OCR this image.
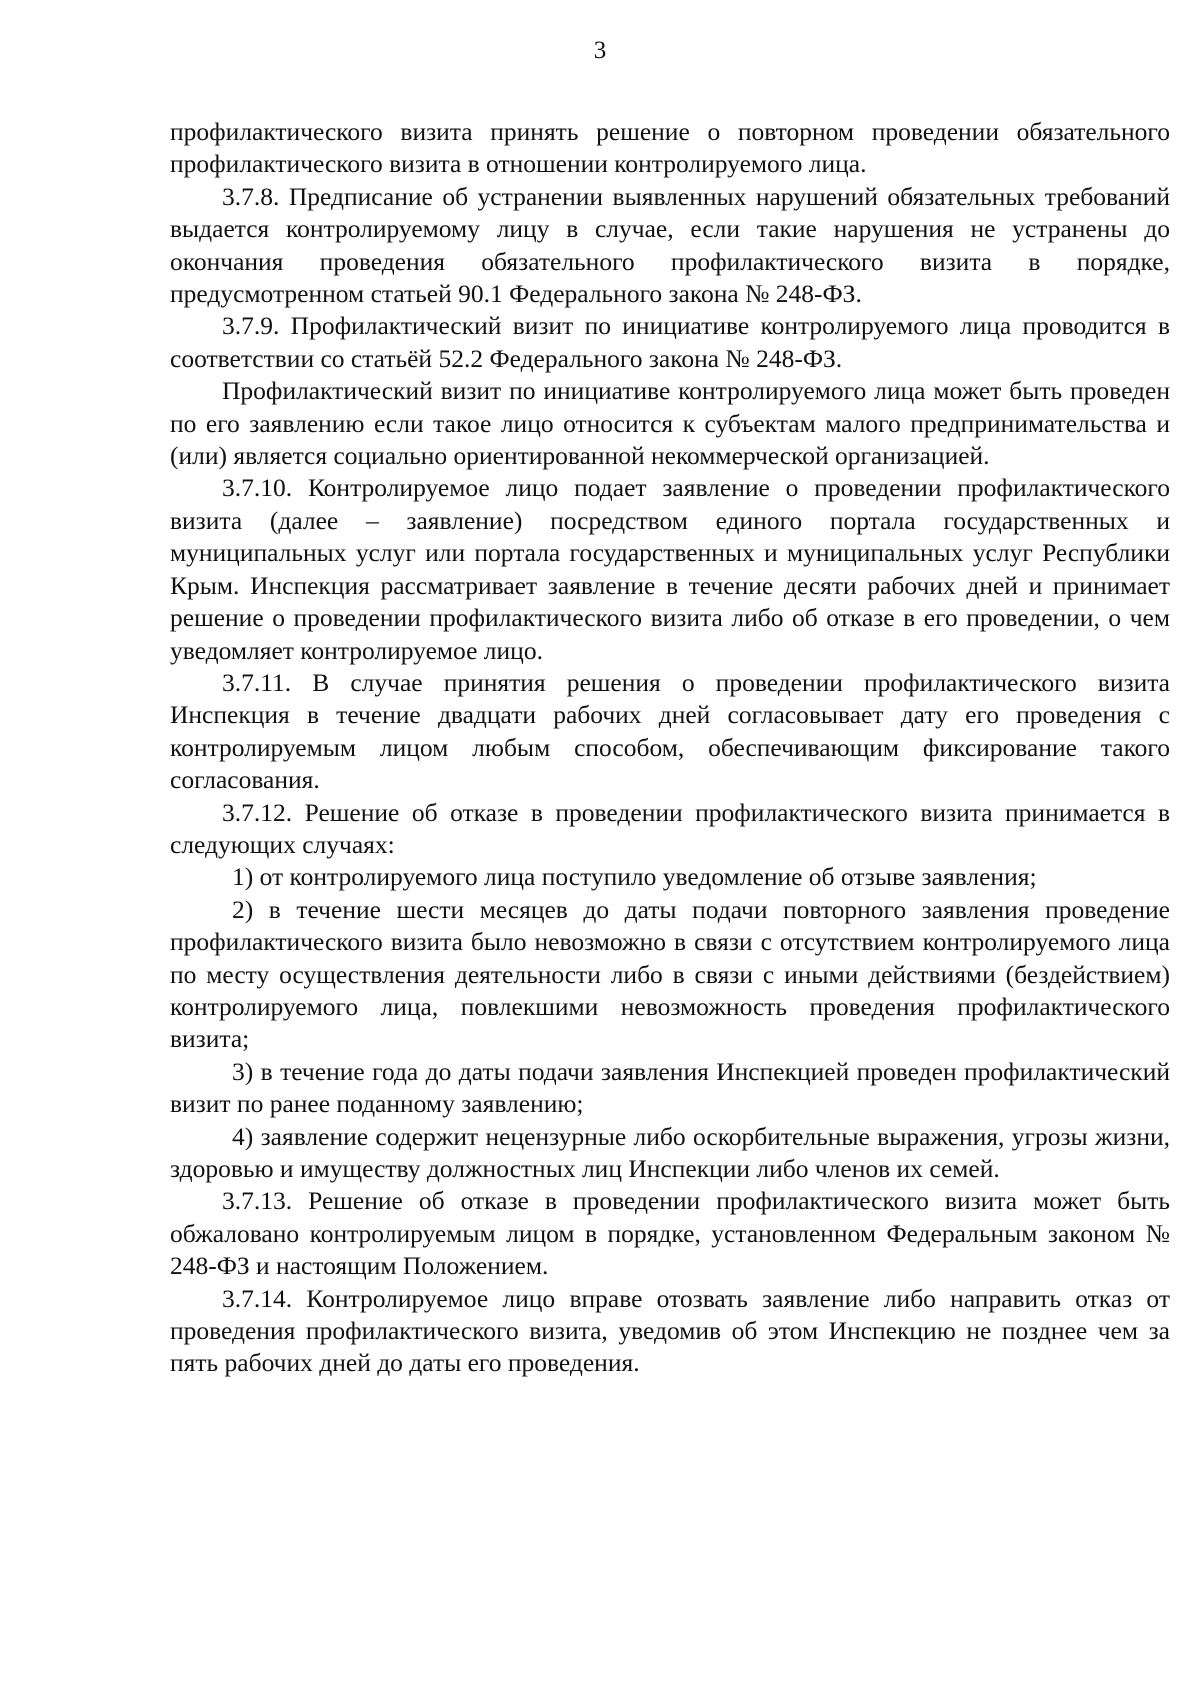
3

профилактического визита принять решение о повторном проведении обязательного профилактического визита в отношении контролируемого лица.

3.7.8. Предписание об устранении выявленных нарушений обязательных требований выдается контролируемому лицу в случае, если такие нарушения не устранены до окончания проведения обязательного профилактического визита в порядке, предусмотренном статьей 90.1 Федерального закона № 248-ФЗ.

3.7.9. Профилактический визит по инициативе контролируемого лица проводится в соответствии со статьёй 52.2 Федерального закона № 248-ФЗ.

Профилактический визит по инициативе контролируемого лица может быть проведен по его заявлению если такое лицо относится к субъектам малого предпринимательства и (или) является социально ориентированной некоммерческой организацией.

3.7.10. Контролируемое лицо подает заявление о проведении профилактического визита (далее – заявление) посредством единого портала государственных и муниципальных услуг или портала государственных и муниципальных услуг Республики Крым. Инспекция рассматривает заявление в течение десяти рабочих дней и принимает решение о проведении профилактического визита либо об отказе в его проведении, о чем уведомляет контролируемое лицо.

3.7.11. В случае принятия решения о проведении профилактического визита Инспекция в течение двадцати рабочих дней согласовывает дату его проведения с контролируемым лицом любым способом, обеспечивающим фиксирование такого согласования.

3.7.12. Решение об отказе в проведении профилактического визита принимается в следующих случаях:

1) от контролируемого лица поступило уведомление об отзыве заявления;

2) в течение шести месяцев до даты подачи повторного заявления проведение профилактического визита было невозможно в связи с отсутствием контролируемого лица по месту осуществления деятельности либо в связи с иными действиями (бездействием) контролируемого лица, повлекшими невозможность проведения профилактического визита;

3) в течение года до даты подачи заявления Инспекцией проведен профилактический визит по ранее поданному заявлению;

4) заявление содержит нецензурные либо оскорбительные выражения, угрозы жизни, здоровью и имуществу должностных лиц Инспекции либо членов их семей.

3.7.13. Решение об отказе в проведении профилактического визита может быть обжаловано контролируемым лицом в порядке, установленном Федеральным законом № 248-ФЗ и настоящим Положением.

3.7.14. Контролируемое лицо вправе отозвать заявление либо направить отказ от проведения профилактического визита, уведомив об этом Инспекцию не позднее чем за пять рабочих дней до даты его проведения.
